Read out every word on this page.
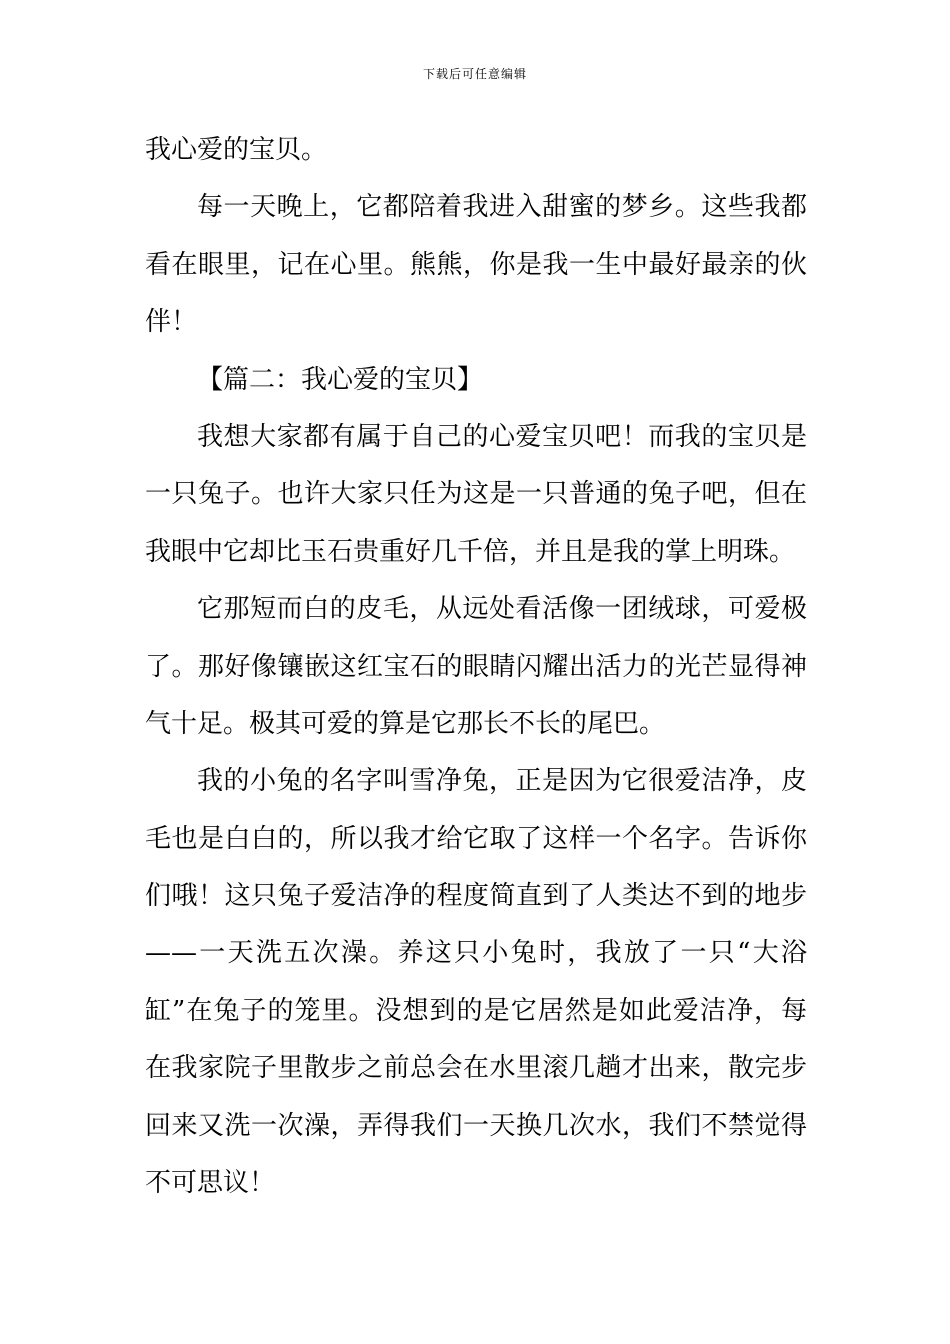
下载后可任意编辑
我心爱的宝贝。
每一天晚上，它都陪着我进入甜蜜的梦乡。这些我都
看在眼里，记在心里。熊熊，你是我一生中最好最亲的伙
伴！
【篇二：我心爱的宝贝】
我想大家都有属于自己的心爱宝贝吧！而我的宝贝是
一只兔子。也许大家只任为这是一只普通的兔子吧，但在
我眼中它却比玉石贵重好几千倍，并且是我的掌上明珠。
它那短而白的皮毛，从远处看活像一团绒球，可爱极
了。那好像镶嵌这红宝石的眼睛闪耀出活力的光芒显得神
气十足。极其可爱的算是它那长不长的尾巴。
我的小兔的名字叫雪净兔，正是因为它很爱洁净，皮
毛也是白白的，所以我才给它取了这样一个名字。告诉你
们哦！这只兔子爱洁净的程度简直到了人类达不到的地步
——一天洗五次澡。养这只小兔时，我放了一只“大浴
缸”在兔子的笼里。没想到的是它居然是如此爱洁净，每
在我家院子里散步之前总会在水里滚几趟才出来，散完步
回来又洗一次澡，弄得我们一天换几次水，我们不禁觉得
不可思议！
